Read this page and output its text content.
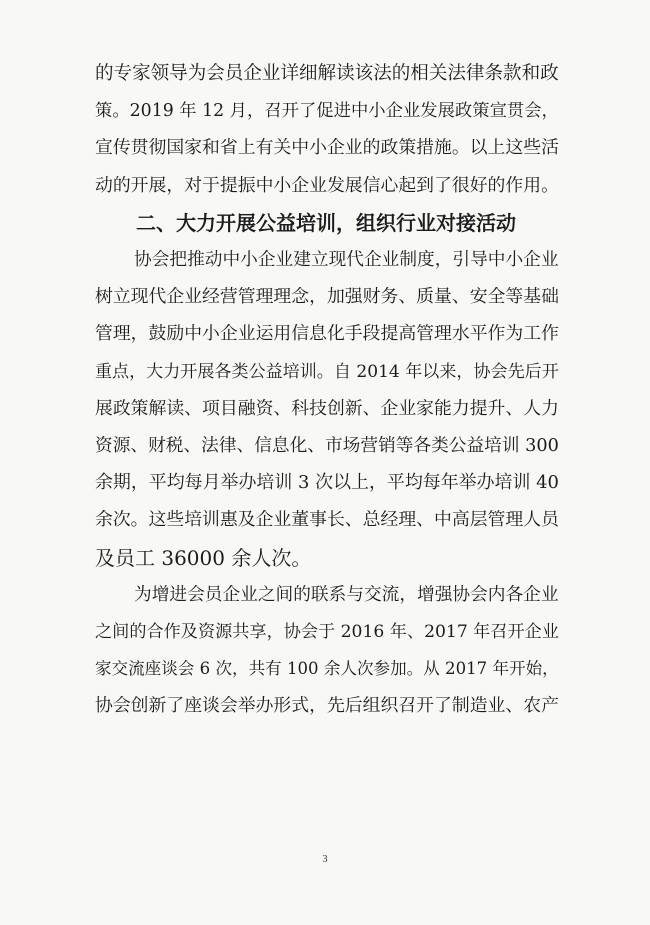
的专家领导为会员企业详细解读该法的相关法律条款和政
策。2019 年 12 月，召开了促进中小企业发展政策宣贯会，
宣传贯彻国家和省上有关中小企业的政策措施。以上这些活
动的开展，对于提振中小企业发展信心起到了很好的作用。
二、大力开展公益培训，组织行业对接活动
协会把推动中小企业建立现代企业制度，引导中小企业
树立现代企业经营管理理念，加强财务、质量、安全等基础
管理，鼓励中小企业运用信息化手段提高管理水平作为工作
重点，大力开展各类公益培训。自 2014 年以来，协会先后开
展政策解读、项目融资、科技创新、企业家能力提升、人力
资源、财税、法律、信息化、市场营销等各类公益培训 300
余期，平均每月举办培训 3 次以上，平均每年举办培训 40
余次。这些培训惠及企业董事长、总经理、中高层管理人员
及员工 36000 余人次。
为增进会员企业之间的联系与交流，增强协会内各企业
之间的合作及资源共享，协会于 2016 年、2017 年召开企业
家交流座谈会 6 次，共有 100 余人次参加。从 2017 年开始，
协会创新了座谈会举办形式，先后组织召开了制造业、农产
3
